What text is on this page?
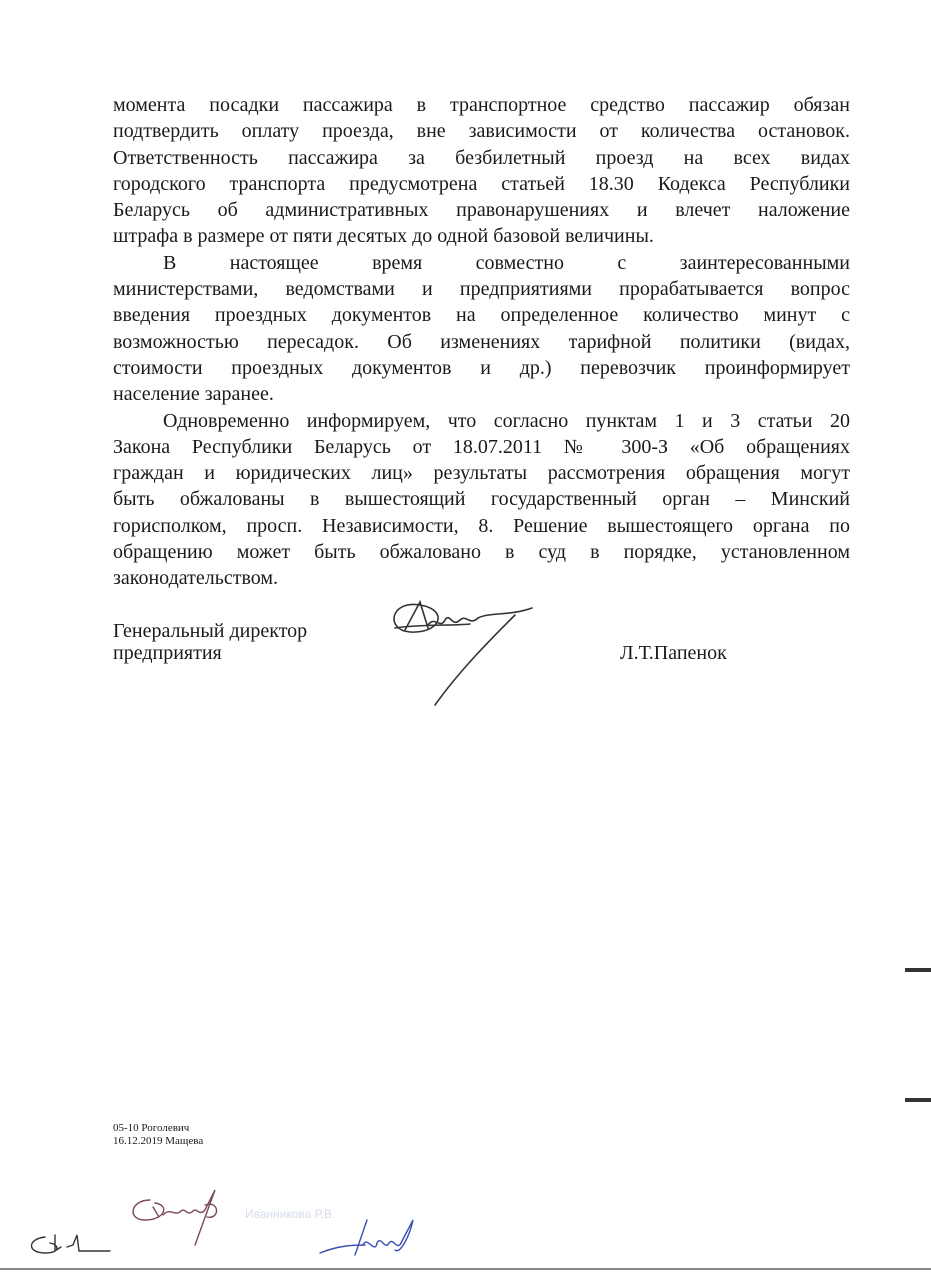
момента посадки пассажира в транспортное средство пассажир обязан
подтвердить оплату проезда, вне зависимости от количества остановок.
Ответственность пассажира за безбилетный проезд на всех видах
городского транспорта предусмотрена статьей 18.30 Кодекса Республики
Беларусь об административных правонарушениях и влечет наложение
штрафа в размере от пяти десятых до одной базовой величины.
В настоящее время совместно с заинтересованными
министерствами, ведомствами и предприятиями прорабатывается вопрос
введения проездных документов на определенное количество минут с
возможностью пересадок. Об изменениях тарифной политики (видах,
стоимости проездных документов и др.) перевозчик проинформирует
население заранее.
Одновременно информируем, что согласно пунктам 1 и 3 статьи 20
Закона Республики Беларусь от 18.07.2011 № 300-З «Об обращениях
граждан и юридических лиц» результаты рассмотрения обращения могут
быть обжалованы в вышестоящий государственный орган – Минский
горисполком, просп. Независимости, 8. Решение вышестоящего органа по
обращению может быть обжаловано в суд в порядке, установленном
законодательством.
Генеральный директор
предприятия	Л.Т.Папенок
05-10 Роголевич
16.12.2019 Мащева
Иванникова Р.В.
